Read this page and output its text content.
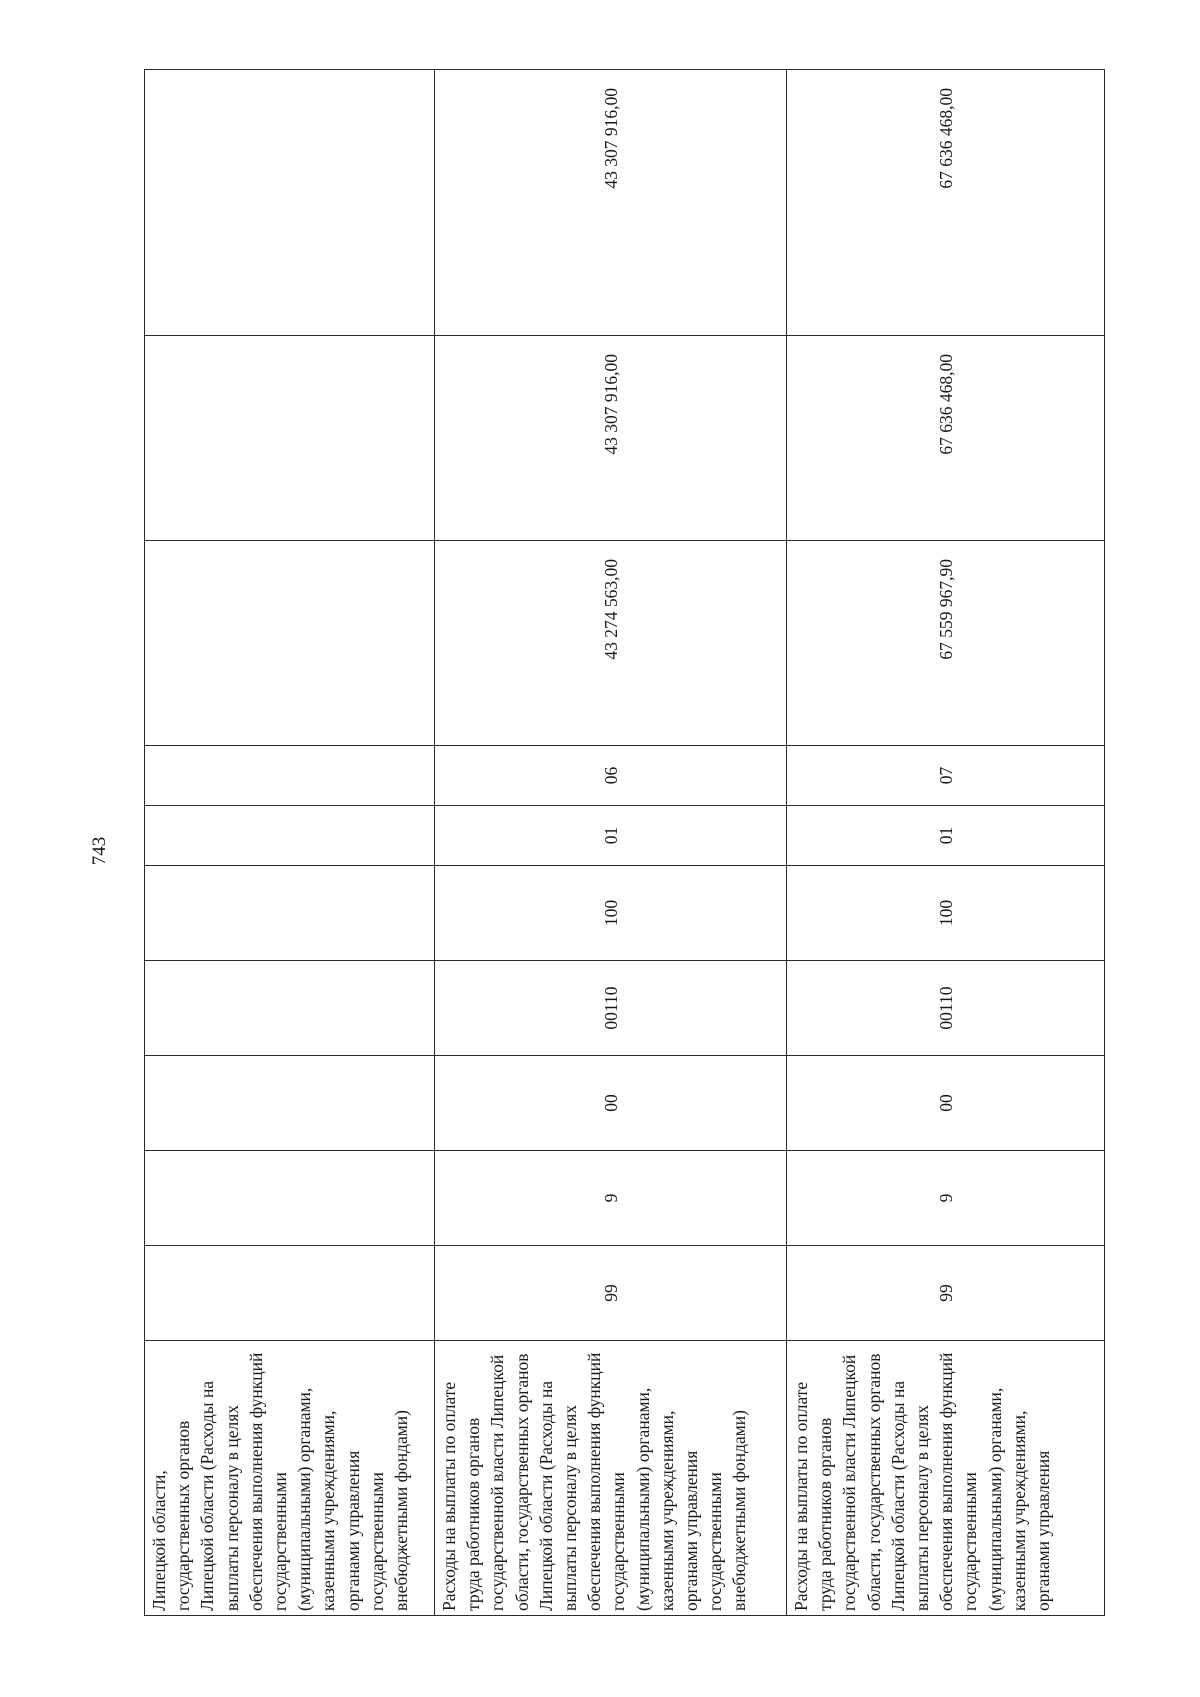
743
Липецкой области, государственных органов Липецкой области (Расходы на выплаты персоналу в целях обеспечения выполнения функций государственными (муниципальными) органами, казенными учреждениями, органами управления государственными внебюджетными фондами)										
Расходы на выплаты по оплате труда работников органов государственной власти Липецкой области, государственных органов Липецкой области (Расходы на выплаты персоналу в целях обеспечения выполнения функций государственными (муниципальными) органами, казенными учреждениями, органами управления государственными внебюджетными фондами)	99	9	00	00110	100	01	06	43 274 563,00	43 307 916,00	43 307 916,00
Расходы на выплаты по оплате труда работников органов государственной власти Липецкой области, государственных органов Липецкой области (Расходы на выплаты персоналу в целях обеспечения выполнения функций государственными (муниципальными) органами, казенными учреждениями, органами управления	99	9	00	00110	100	01	07	67 559 967,90	67 636 468,00	67 636 468,00
